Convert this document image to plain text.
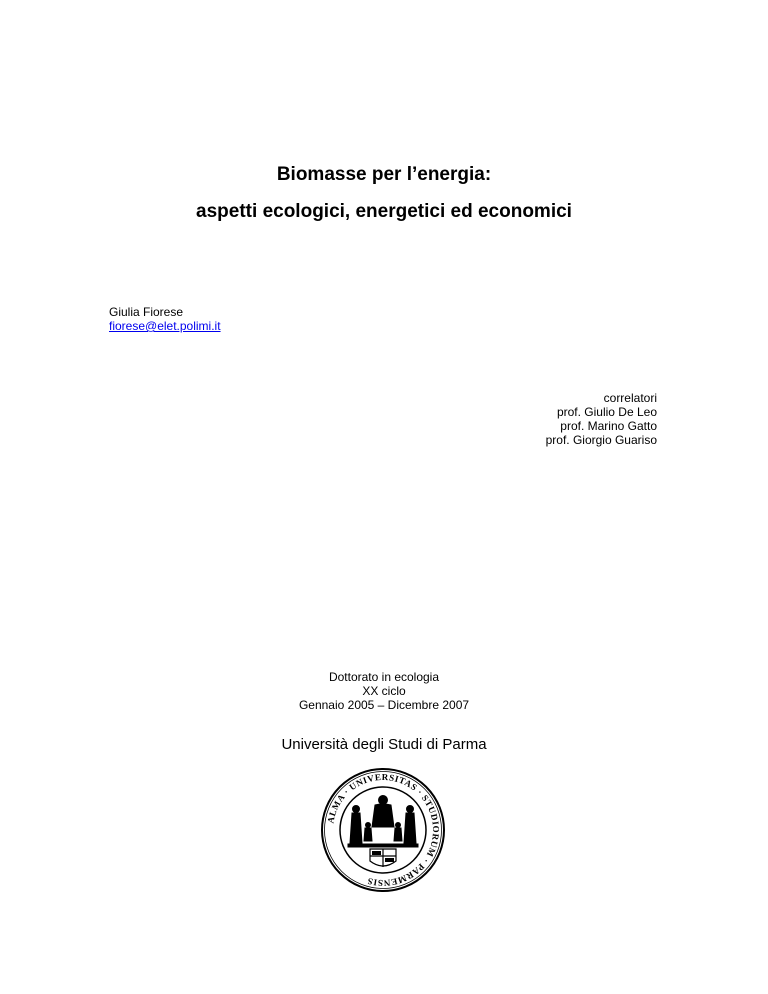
Biomasse per l’energia:
aspetti ecologici, energetici ed economici
Giulia Fiorese
fiorese@elet.polimi.it
correlatori
prof. Giulio De Leo
prof. Marino Gatto
prof. Giorgio Guariso
Dottorato in ecologia
XX ciclo
Gennaio 2005 – Dicembre 2007
Università degli Studi di Parma
ALMA · UNIVERSITAS · STUDIORUM · PARMENSIS
